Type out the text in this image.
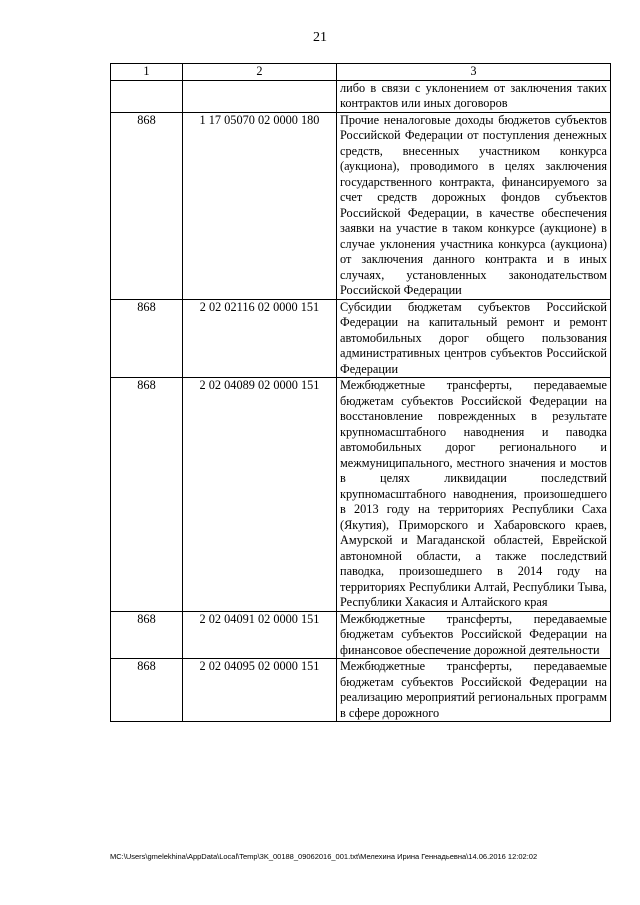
21
1	2	3
		либо в связи с уклонением от заключения таких контрактов или иных договоров
868	1 17 05070 02 0000 180	Прочие неналоговые доходы бюджетов субъектов Российской Федерации от поступления денежных средств, внесенных участником конкурса (аукциона), проводимого в целях заключения государственного контракта, финансируемого за счет средств дорожных фондов субъектов Российской Федерации, в качестве обеспечения заявки на участие в таком конкурсе (аукционе) в случае уклонения участника конкурса (аукциона) от заключения данного контракта и в иных случаях, установленных законодательством Российской Федерации
868	2 02 02116 02 0000 151	Субсидии бюджетам субъектов Российской Федерации на капитальный ремонт и ремонт автомобильных дорог общего пользования административных центров субъектов Российской Федерации
868	2 02 04089 02 0000 151	Межбюджетные трансферты, передаваемые бюджетам субъектов Российской Федерации на восстановление поврежденных в результате крупномасштабного наводнения и паводка автомобильных дорог регионального и межмуниципального, местного значения и мостов в целях ликвидации последствий крупномасштабного наводнения, произошедшего в 2013 году на территориях Республики Саха (Якутия), Приморского и Хабаровского краев, Амурской и Магаданской областей, Еврейской автономной области, а также последствий паводка, произошедшего в 2014 году на территориях Республики Алтай, Республики Тыва, Республики Хакасия и Алтайского края
868	2 02 04091 02 0000 151	Межбюджетные трансферты, передаваемые бюджетам субъектов Российской Федерации на финансовое обеспечение дорожной деятельности
868	2 02 04095 02 0000 151	Межбюджетные трансферты, передаваемые бюджетам субъектов Российской Федерации на реализацию мероприятий региональных программ в сфере дорожного
МС:\Users\gmelekhina\AppData\Local\Temp\3K_00188_09062016_001.txt\Мелехина Ирина Геннадьевна\14.06.2016 12:02:02
